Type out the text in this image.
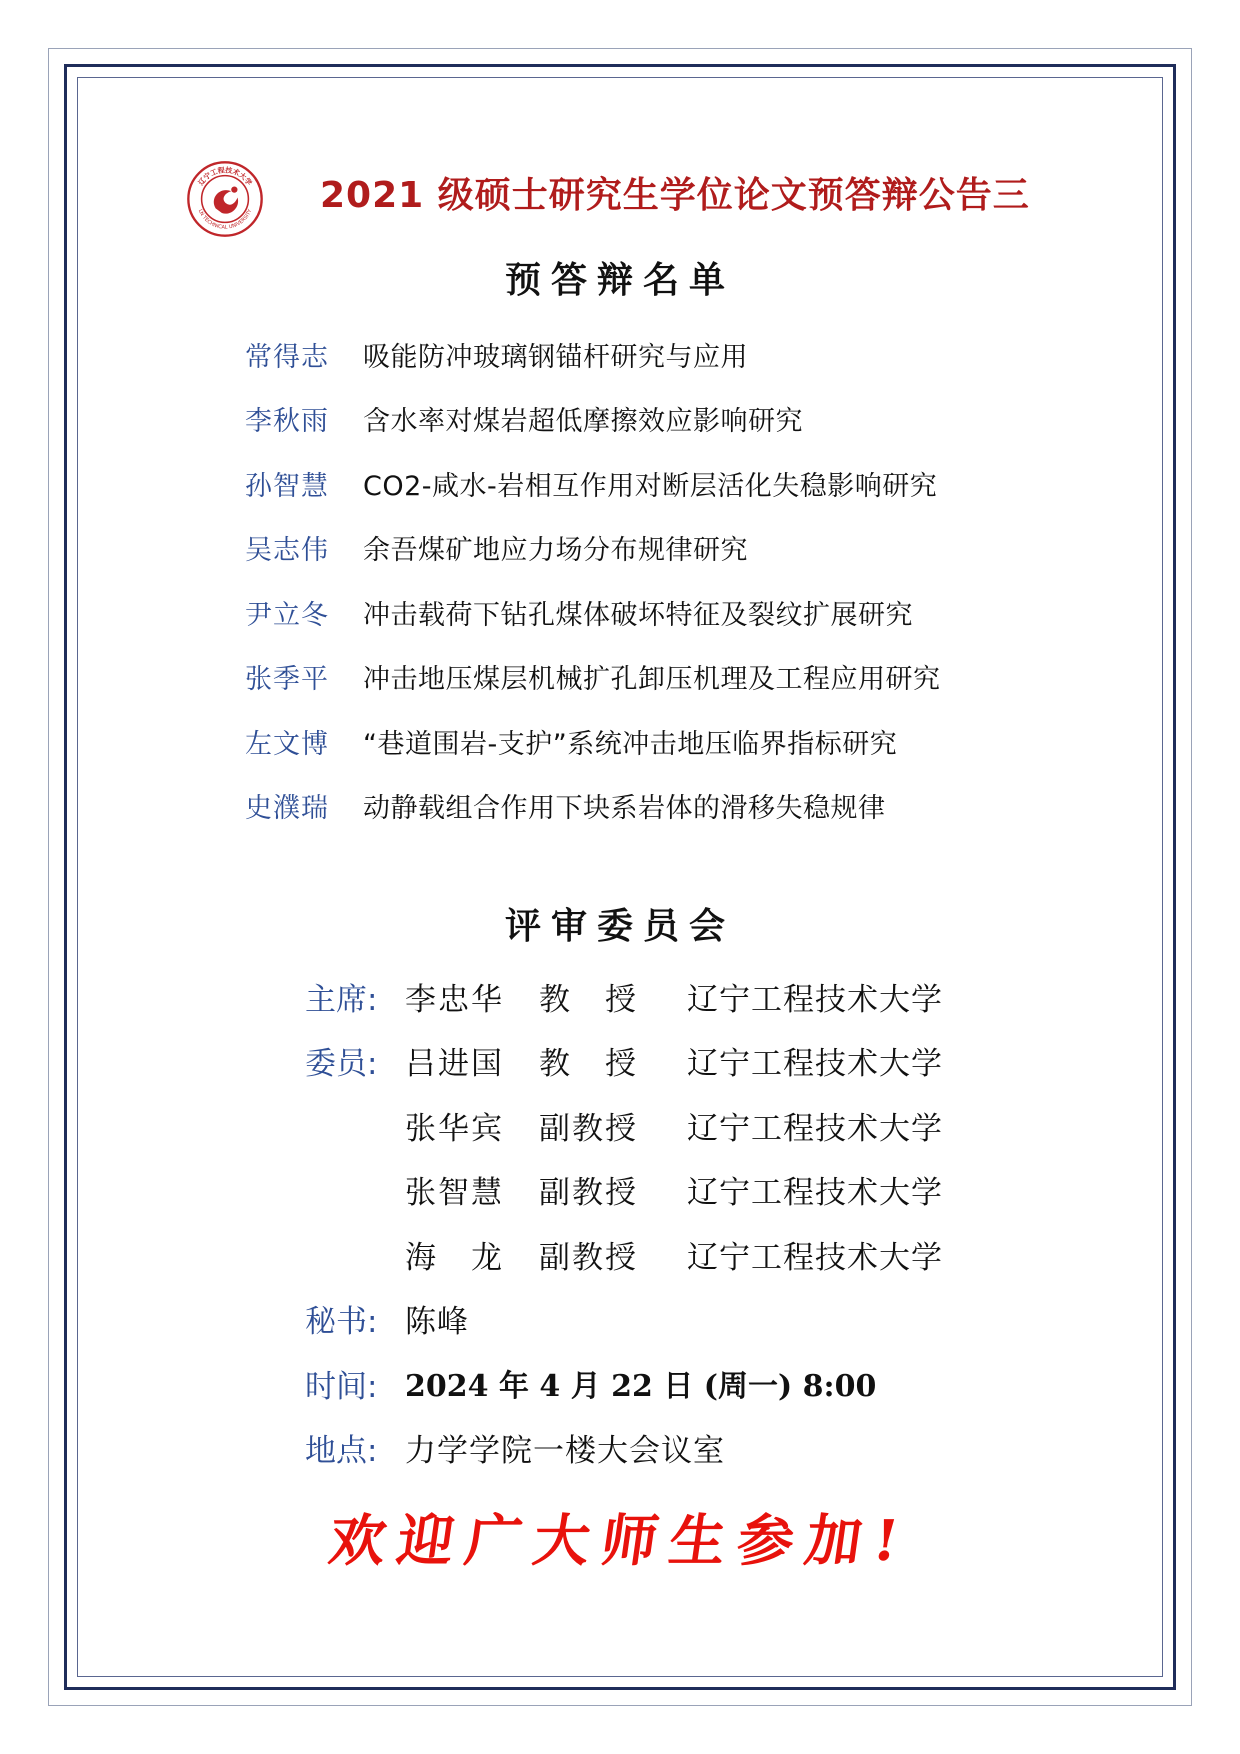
辽宁工程技术大学
LN TECHNICAL UNIVERSITY 2021 级硕士研究生学位论文预答辩公告三
预答辩名单
常得志	吸能防冲玻璃钢锚杆研究与应用
李秋雨	含水率对煤岩超低摩擦效应影响研究
孙智慧	CO2-咸水-岩相互作用对断层活化失稳影响研究
吴志伟	余吾煤矿地应力场分布规律研究
尹立冬	冲击载荷下钻孔煤体破坏特征及裂纹扩展研究
张季平	冲击地压煤层机械扩孔卸压机理及工程应用研究
左文博	“巷道围岩-支护”系统冲击地压临界指标研究
史濮瑞	动静载组合作用下块系岩体的滑移失稳规律
评审委员会
主席: 李忠华	教　授	辽宁工程技术大学
委员: 吕进国	教　授	辽宁工程技术大学
张华宾	副教授	辽宁工程技术大学
张智慧	副教授	辽宁工程技术大学
海　龙	副教授	辽宁工程技术大学
秘书: 陈峰
时间: 2024 年 4 月 22 日 (周一) 8:00
地点: 力学学院一楼大会议室
欢迎广大师生参加!
